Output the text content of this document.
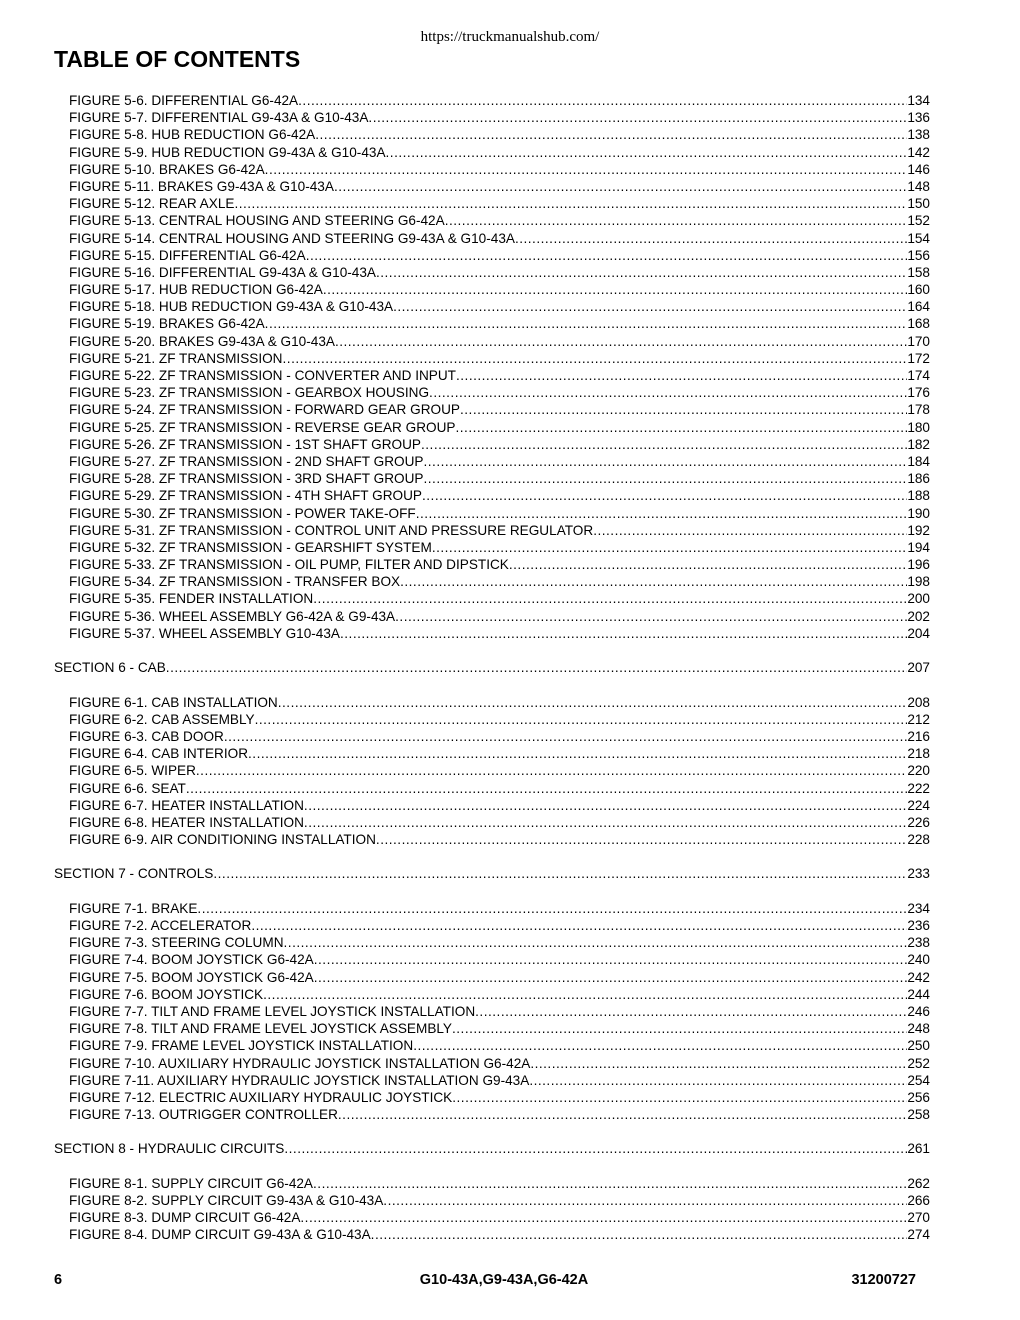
https://truckmanualshub.com/
TABLE OF CONTENTS
FIGURE 5-6. DIFFERENTIAL G6-42A .....	134
FIGURE 5-7. DIFFERENTIAL G9-43A & G10-43A .....	136
FIGURE 5-8. HUB REDUCTION G6-42A .....	138
FIGURE 5-9. HUB REDUCTION G9-43A & G10-43A .....	142
FIGURE 5-10. BRAKES G6-42A .....	146
FIGURE 5-11. BRAKES G9-43A & G10-43A .....	148
FIGURE 5-12. REAR AXLE .....	150
FIGURE 5-13. CENTRAL HOUSING AND STEERING G6-42A .....	152
FIGURE 5-14. CENTRAL HOUSING AND STEERING G9-43A & G10-43A .....	154
FIGURE 5-15. DIFFERENTIAL G6-42A .....	156
FIGURE 5-16. DIFFERENTIAL G9-43A & G10-43A .....	158
FIGURE 5-17. HUB REDUCTION G6-42A .....	160
FIGURE 5-18. HUB REDUCTION G9-43A & G10-43A .....	164
FIGURE 5-19. BRAKES G6-42A .....	168
FIGURE 5-20. BRAKES G9-43A & G10-43A .....	170
FIGURE 5-21. ZF TRANSMISSION .....	172
FIGURE 5-22. ZF TRANSMISSION - CONVERTER AND INPUT .....	174
FIGURE 5-23. ZF TRANSMISSION - GEARBOX HOUSING .....	176
FIGURE 5-24. ZF TRANSMISSION - FORWARD GEAR GROUP .....	178
FIGURE 5-25. ZF TRANSMISSION - REVERSE GEAR GROUP .....	180
FIGURE 5-26. ZF TRANSMISSION - 1ST SHAFT GROUP .....	182
FIGURE 5-27. ZF TRANSMISSION - 2ND SHAFT GROUP .....	184
FIGURE 5-28. ZF TRANSMISSION - 3RD SHAFT GROUP .....	186
FIGURE 5-29. ZF TRANSMISSION - 4TH SHAFT GROUP .....	188
FIGURE 5-30. ZF TRANSMISSION - POWER TAKE-OFF .....	190
FIGURE 5-31. ZF TRANSMISSION - CONTROL UNIT AND PRESSURE REGULATOR .....	192
FIGURE 5-32. ZF TRANSMISSION - GEARSHIFT SYSTEM .....	194
FIGURE 5-33. ZF TRANSMISSION - OIL PUMP, FILTER AND DIPSTICK .....	196
FIGURE 5-34. ZF TRANSMISSION - TRANSFER BOX .....	198
FIGURE 5-35. FENDER INSTALLATION .....	200
FIGURE 5-36. WHEEL ASSEMBLY G6-42A & G9-43A .....	202
FIGURE 5-37. WHEEL ASSEMBLY G10-43A .....	204
SECTION 6 - CAB .....	207
FIGURE 6-1. CAB INSTALLATION .....	208
FIGURE 6-2. CAB ASSEMBLY .....	212
FIGURE 6-3. CAB DOOR .....	216
FIGURE 6-4. CAB INTERIOR .....	218
FIGURE 6-5. WIPER .....	220
FIGURE 6-6. SEAT .....	222
FIGURE 6-7. HEATER INSTALLATION .....	224
FIGURE 6-8. HEATER INSTALLATION .....	226
FIGURE 6-9. AIR CONDITIONING INSTALLATION .....	228
SECTION 7 - CONTROLS .....	233
FIGURE 7-1. BRAKE .....	234
FIGURE 7-2. ACCELERATOR .....	236
FIGURE 7-3. STEERING COLUMN .....	238
FIGURE 7-4. BOOM JOYSTICK G6-42A .....	240
FIGURE 7-5. BOOM JOYSTICK G6-42A .....	242
FIGURE 7-6. BOOM JOYSTICK .....	244
FIGURE 7-7. TILT AND FRAME LEVEL JOYSTICK INSTALLATION .....	246
FIGURE 7-8. TILT AND FRAME LEVEL JOYSTICK ASSEMBLY .....	248
FIGURE 7-9. FRAME LEVEL JOYSTICK INSTALLATION .....	250
FIGURE 7-10. AUXILIARY HYDRAULIC JOYSTICK INSTALLATION G6-42A .....	252
FIGURE 7-11. AUXILIARY HYDRAULIC JOYSTICK INSTALLATION G9-43A .....	254
FIGURE 7-12. ELECTRIC AUXILIARY HYDRAULIC JOYSTICK .....	256
FIGURE 7-13. OUTRIGGER CONTROLLER .....	258
SECTION 8 - HYDRAULIC CIRCUITS .....	261
FIGURE 8-1. SUPPLY CIRCUIT G6-42A .....	262
FIGURE 8-2. SUPPLY CIRCUIT G9-43A & G10-43A .....	266
FIGURE 8-3. DUMP CIRCUIT G6-42A .....	270
FIGURE 8-4. DUMP CIRCUIT G9-43A & G10-43A .....	274
6	G10-43A,G9-43A,G6-42A	31200727
